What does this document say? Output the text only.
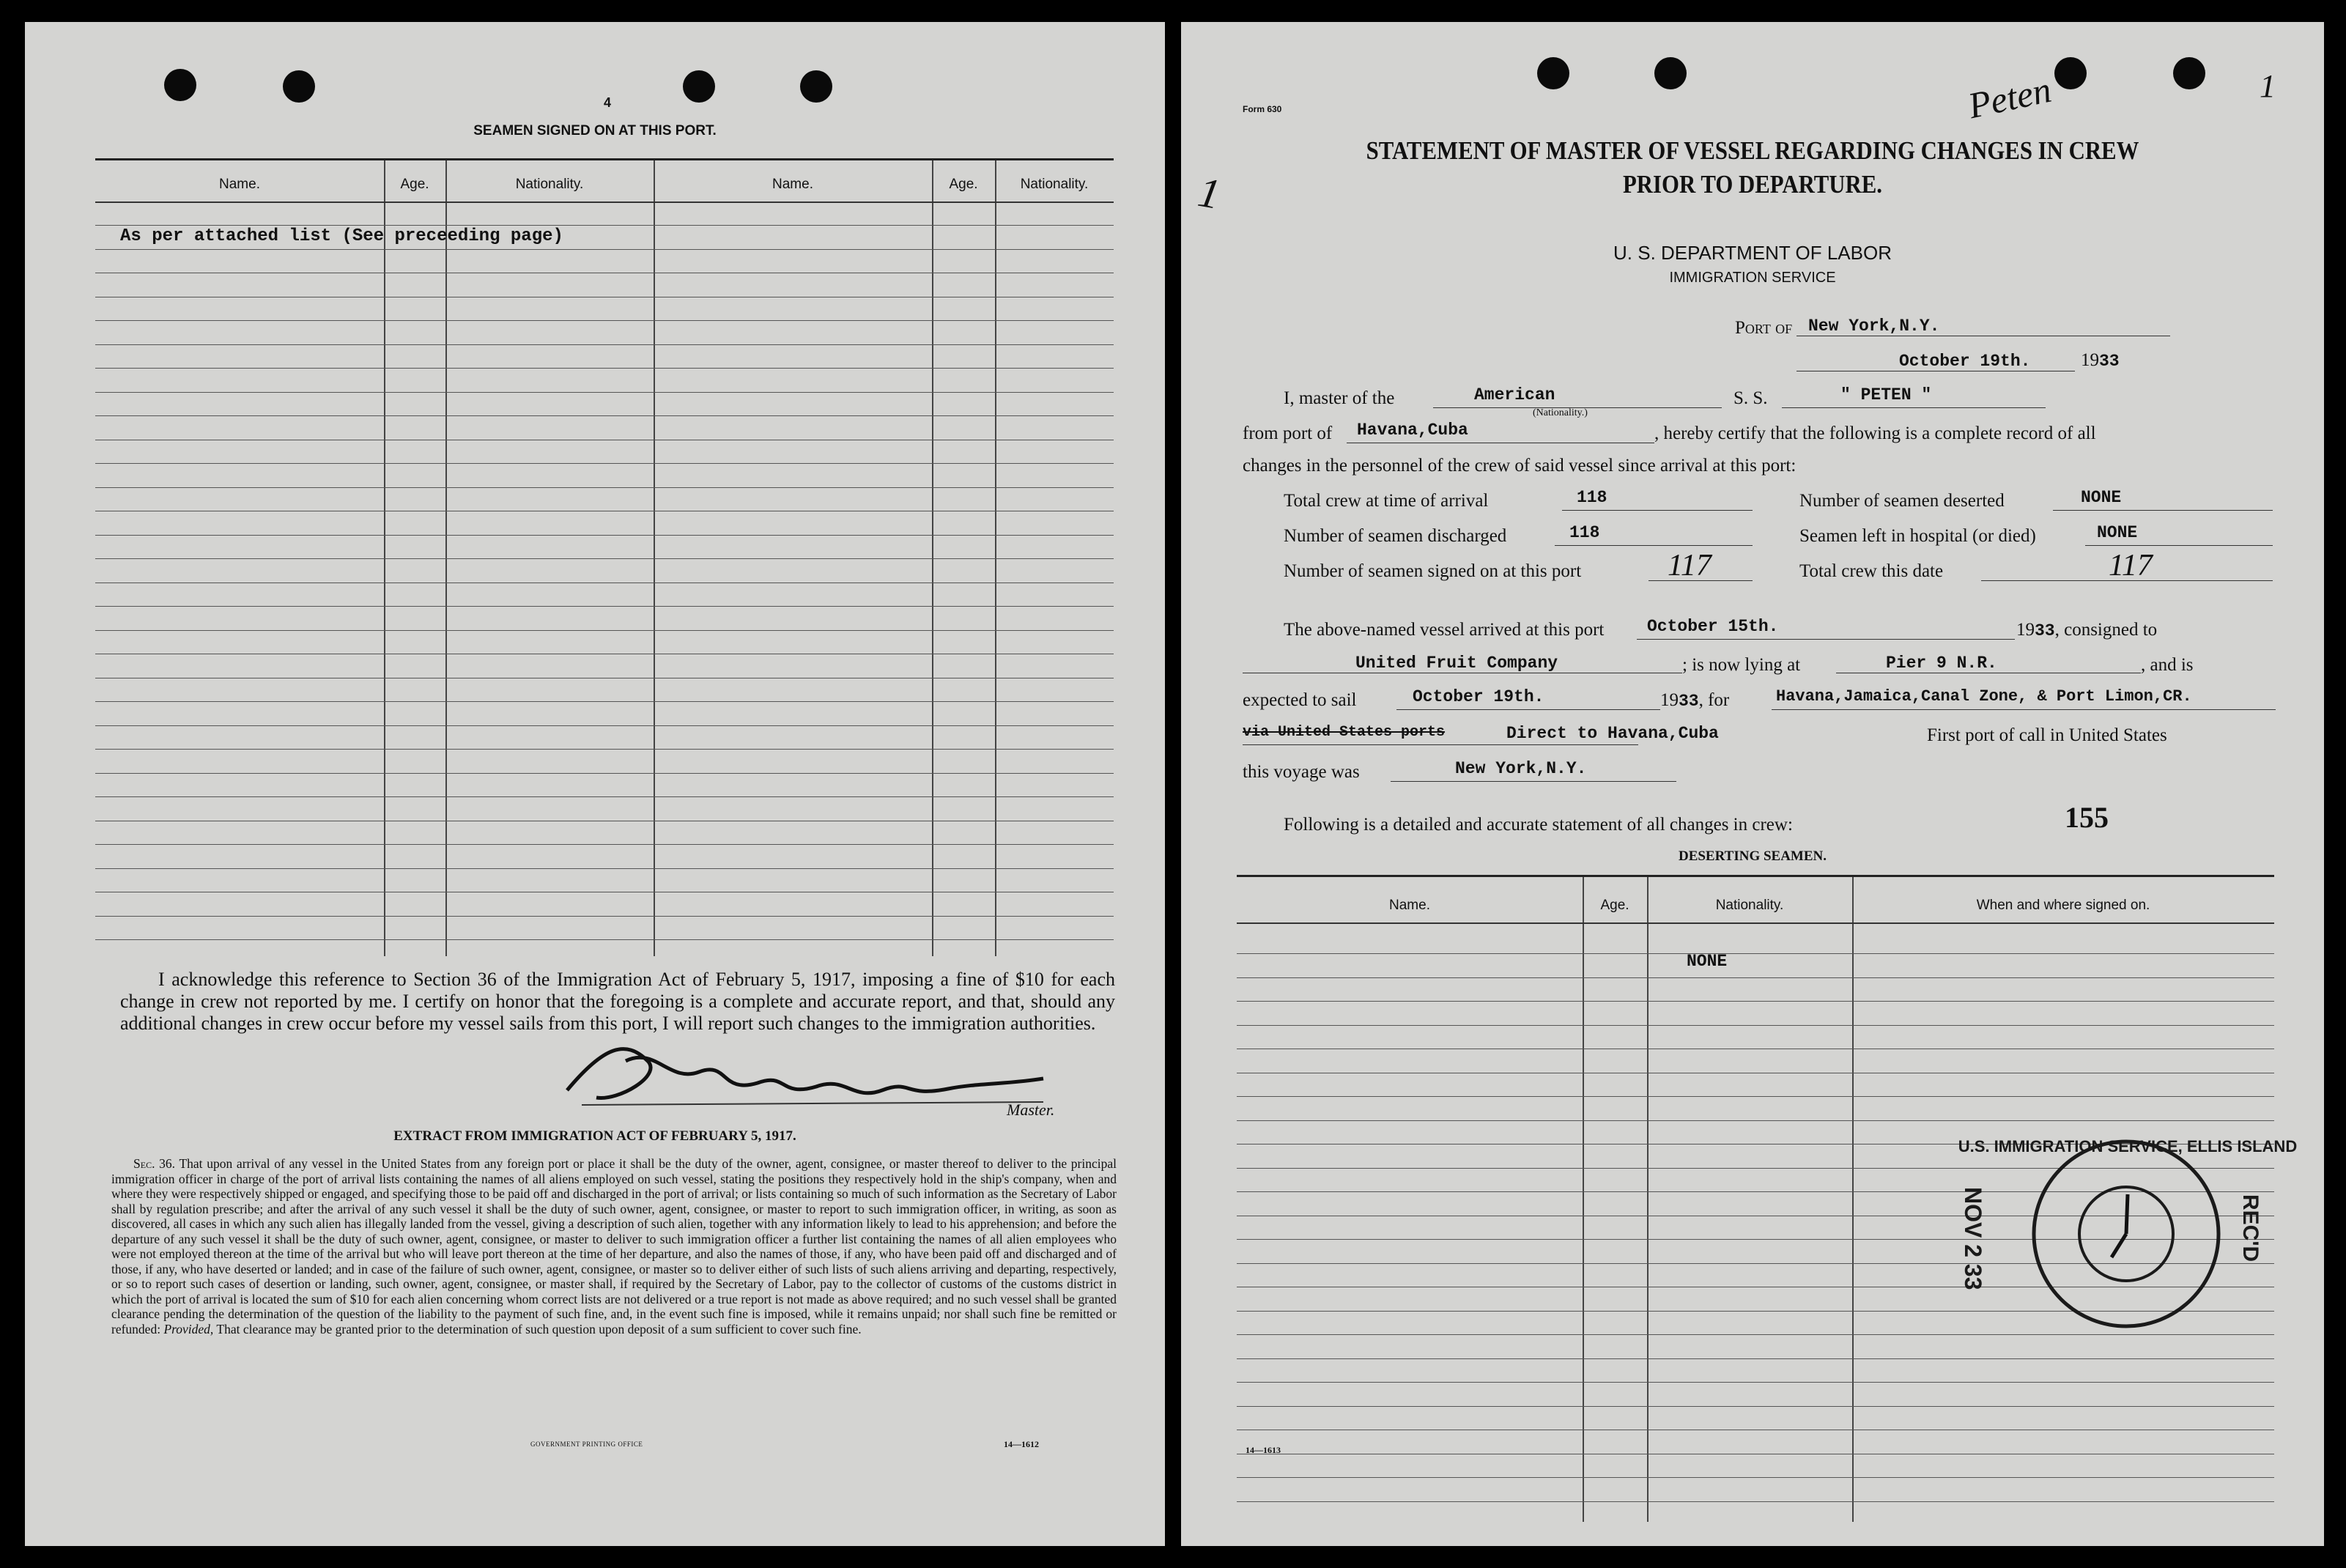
4
SEAMEN SIGNED ON AT THIS PORT.
Name.	Age.	Nationality.	Name.	Age.	Nationality.
As per attached list (See preceeding page)
I acknowledge this reference to Section 36 of the Immigration Act of February 5, 1917, imposing a fine of $10 for each change in crew not reported by me. I certify on honor that the foregoing is a complete and accurate report, and that, should any additional changes in crew occur before my vessel sails from this port, I will report such changes to the immigration authorities.
Master.
EXTRACT FROM IMMIGRATION ACT OF FEBRUARY 5, 1917.
Sec. 36. That upon arrival of any vessel in the United States from any foreign port or place it shall be the duty of the owner, agent, consignee, or master thereof to deliver to the principal immigration officer in charge of the port of arrival lists containing the names of all aliens employed on such vessel, stating the positions they respectively hold in the ship's company, when and where they were respectively shipped or engaged, and specifying those to be paid off and discharged in the port of arrival; or lists containing so much of such information as the Secretary of Labor shall by regulation prescribe; and after the arrival of any such vessel it shall be the duty of such owner, agent, consignee, or master to report to such immigration officer, in writing, as soon as discovered, all cases in which any such alien has illegally landed from the vessel, giving a description of such alien, together with any information likely to lead to his apprehension; and before the departure of any such vessel it shall be the duty of such owner, agent, consignee, or master to deliver to such immigration officer a further list containing the names of all alien employees who were not employed thereon at the time of the arrival but who will leave port thereon at the time of her departure, and also the names of those, if any, who have been paid off and discharged and of those, if any, who have deserted or landed; and in case of the failure of such owner, agent, consignee, or master so to deliver either of such lists of such aliens arriving and departing, respectively, or so to report such cases of desertion or landing, such owner, agent, consignee, or master shall, if required by the Secretary of Labor, pay to the collector of customs of the customs district in which the port of arrival is located the sum of $10 for each alien concerning whom correct lists are not delivered or a true report is not made as above required; and no such vessel shall be granted clearance pending the determination of the question of the liability to the payment of such fine, and, in the event such fine is imposed, while it remains unpaid; nor shall such fine be remitted or refunded: Provided, That clearance may be granted prior to the determination of such question upon deposit of a sum sufficient to cover such fine.
GOVERNMENT PRINTING OFFICE	14—1612
Form 630	Peten	1
1
STATEMENT OF MASTER OF VESSEL REGARDING CHANGES IN CREW
PRIOR TO DEPARTURE.
U. S. DEPARTMENT OF LABOR
IMMIGRATION SERVICE
Port of New York,N.Y.
October 19th.	1933
I, master of the	American
(Nationality.)
S. S.	" PETEN "
from port of Havana,Cuba	, hereby certify that the following is a complete record of all
changes in the personnel of the crew of said vessel since arrival at this port:
Total crew at time of arrival	118	Number of seamen deserted	NONE
Number of seamen discharged	118	Seamen left in hospital (or died)	NONE
Number of seamen signed on at this port	117	Total crew this date	117
The above-named vessel arrived at this port	October 15th.	1933, consigned to
United Fruit Company	; is now lying at	Pier 9 N.R.	, and is
expected to sail	October 19th.	1933, for	Havana,Jamaica,Canal Zone, & Port Limon,CR.
via United States ports	Direct to Havana,Cuba	First port of call in United States
this voyage was	New York,N.Y.
Following is a detailed and accurate statement of all changes in crew:	155
DESERTING SEAMEN.
Name.	Age.	Nationality.	When and where signed on.
NONE
U.S. IMMIGRATION SERVICE, ELLIS ISLAND
REC'D
NOV 2 33
14—1613
